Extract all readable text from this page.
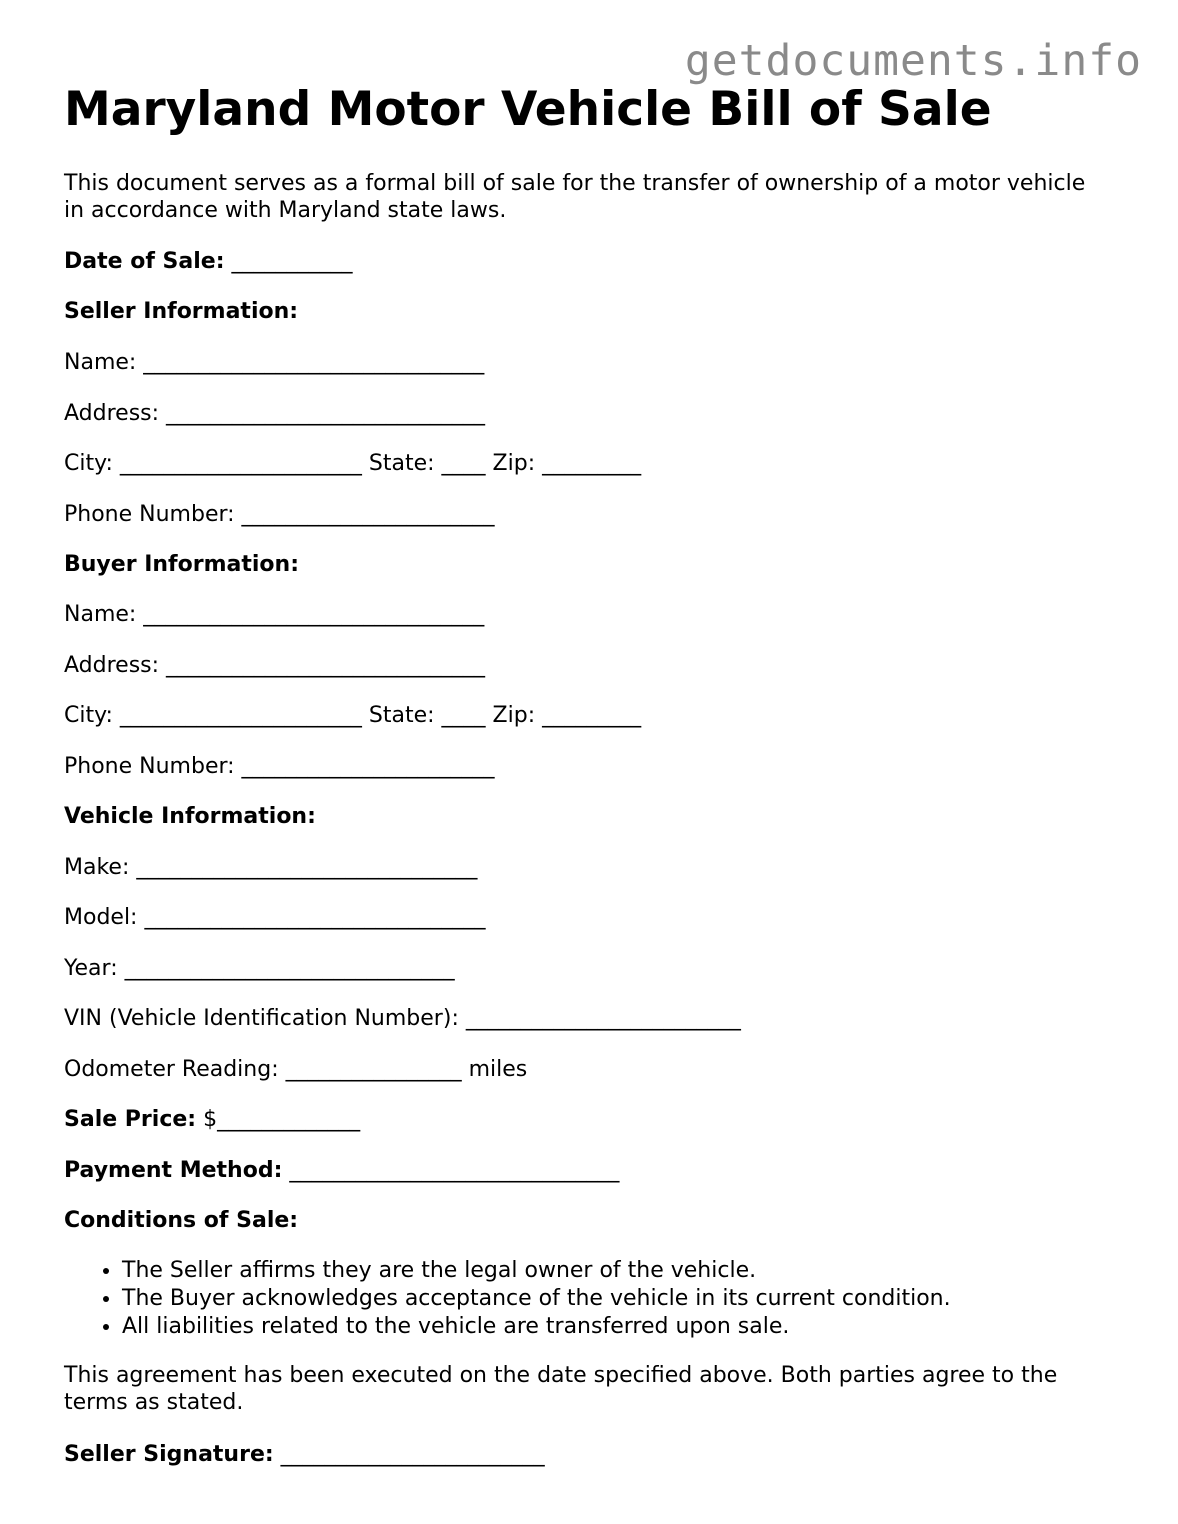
getdocuments.info
Maryland Motor Vehicle Bill of Sale

This document serves as a formal bill of sale for the transfer of ownership of a motor vehicle in accordance with Maryland state laws.

Date of Sale: ___________

Seller Information:

Name: _______________________________

Address: _____________________________

City: ______________________ State: ____ Zip: _________

Phone Number: _______________________

Buyer Information:

Name: _______________________________

Address: _____________________________

City: ______________________ State: ____ Zip: _________

Phone Number: _______________________

Vehicle Information:

Make: _______________________________

Model: _______________________________

Year: ______________________________

VIN (Vehicle Identification Number): _________________________

Odometer Reading: ________________ miles

Sale Price: $_____________

Payment Method: ______________________________

Conditions of Sale:

• The Seller affirms they are the legal owner of the vehicle.
• The Buyer acknowledges acceptance of the vehicle in its current condition.
• All liabilities related to the vehicle are transferred upon sale.

This agreement has been executed on the date specified above. Both parties agree to the terms as stated.

Seller Signature: ________________________
